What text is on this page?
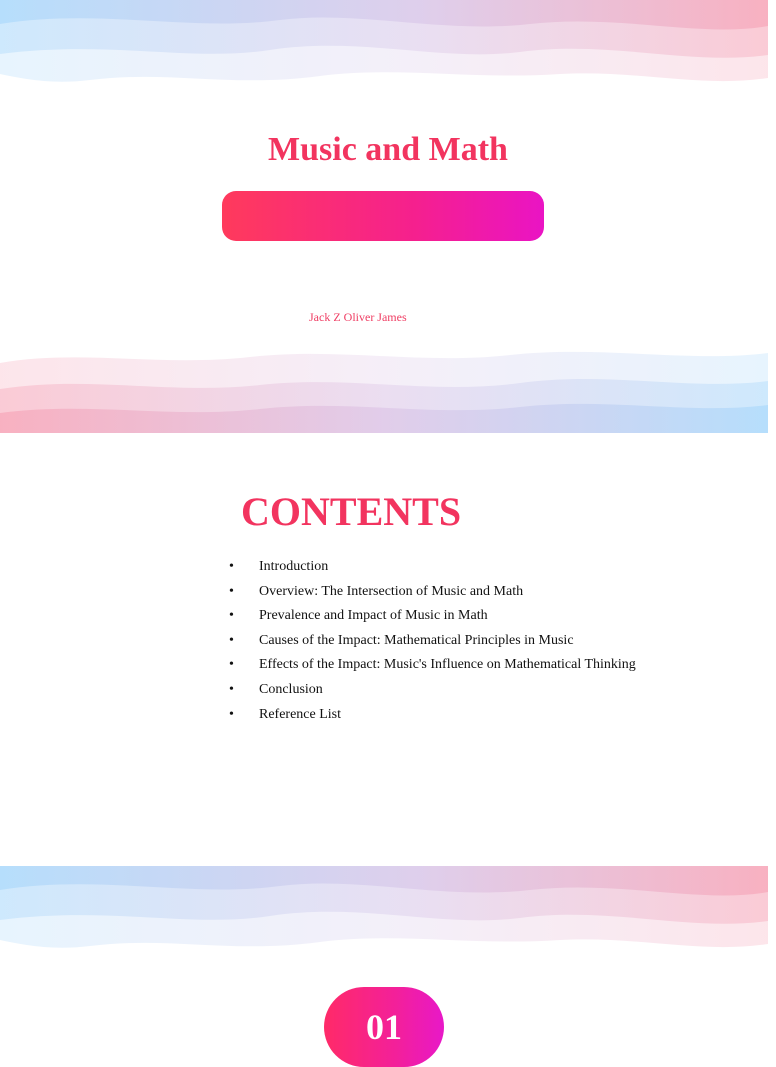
Music and Math

Jack Z Oliver James

CONTENTS
•	Introduction
•	Overview: The Intersection of Music and Math
•	Prevalence and Impact of Music in Math
•	Causes of the Impact: Mathematical Principles in Music
•	Effects of the Impact: Music's Influence on Mathematical Thinking
•	Conclusion
•	Reference List
01
